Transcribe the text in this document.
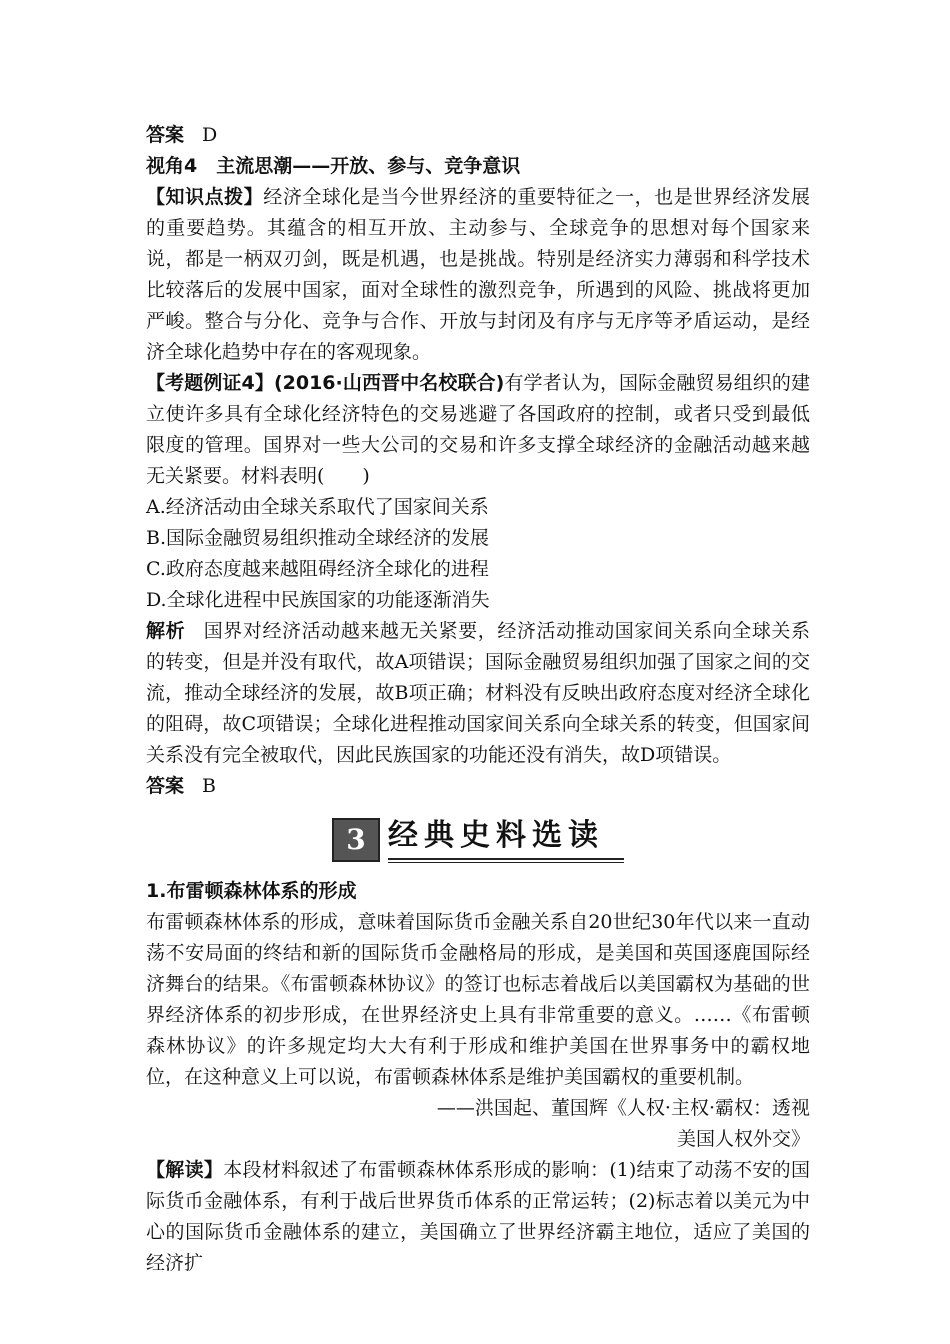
答案 D

视角4　主流思潮——开放、参与、竞争意识

【知识点拨】经济全球化是当今世界经济的重要特征之一，也是世界经济发展的重要趋势。其蕴含的相互开放、主动参与、全球竞争的思想对每个国家来说，都是一柄双刃剑，既是机遇，也是挑战。特别是经济实力薄弱和科学技术比较落后的发展中国家，面对全球性的激烈竞争，所遇到的风险、挑战将更加严峻。整合与分化、竞争与合作、开放与封闭及有序与无序等矛盾运动，是经济全球化趋势中存在的客观现象。

【考题例证4】(2016·山西晋中名校联合)有学者认为，国际金融贸易组织的建立使许多具有全球化经济特色的交易逃避了各国政府的控制，或者只受到最低限度的管理。国界对一些大公司的交易和许多支撑全球经济的金融活动越来越无关紧要。材料表明(　　)

A.经济活动由全球关系取代了国家间关系
B.国际金融贸易组织推动全球经济的发展
C.政府态度越来越阻碍经济全球化的进程
D.全球化进程中民族国家的功能逐渐消失

解析 国界对经济活动越来越无关紧要，经济活动推动国家间关系向全球关系的转变，但是并没有取代，故A项错误；国际金融贸易组织加强了国家之间的交流，推动全球经济的发展，故B项正确；材料没有反映出政府态度对经济全球化的阻碍，故C项错误；全球化进程推动国家间关系向全球关系的转变，但国家间关系没有完全被取代，因此民族国家的功能还没有消失，故D项错误。

答案 B

3 经典史料选读
1.布雷顿森林体系的形成

布雷顿森林体系的形成，意味着国际货币金融关系自20世纪30年代以来一直动荡不安局面的终结和新的国际货币金融格局的形成，是美国和英国逐鹿国际经济舞台的结果。《布雷顿森林协议》的签订也标志着战后以美国霸权为基础的世界经济体系的初步形成，在世界经济史上具有非常重要的意义。……《布雷顿森林协议》的许多规定均大大有利于形成和维护美国在世界事务中的霸权地位，在这种意义上可以说，布雷顿森林体系是维护美国霸权的重要机制。

——洪国起、董国辉《人权·主权·霸权：透视
美国人权外交》

【解读】本段材料叙述了布雷顿森林体系形成的影响：(1)结束了动荡不安的国际货币金融体系，有利于战后世界货币体系的正常运转；(2)标志着以美元为中心的国际货币金融体系的建立，美国确立了世界经济霸主地位，适应了美国的经济扩
